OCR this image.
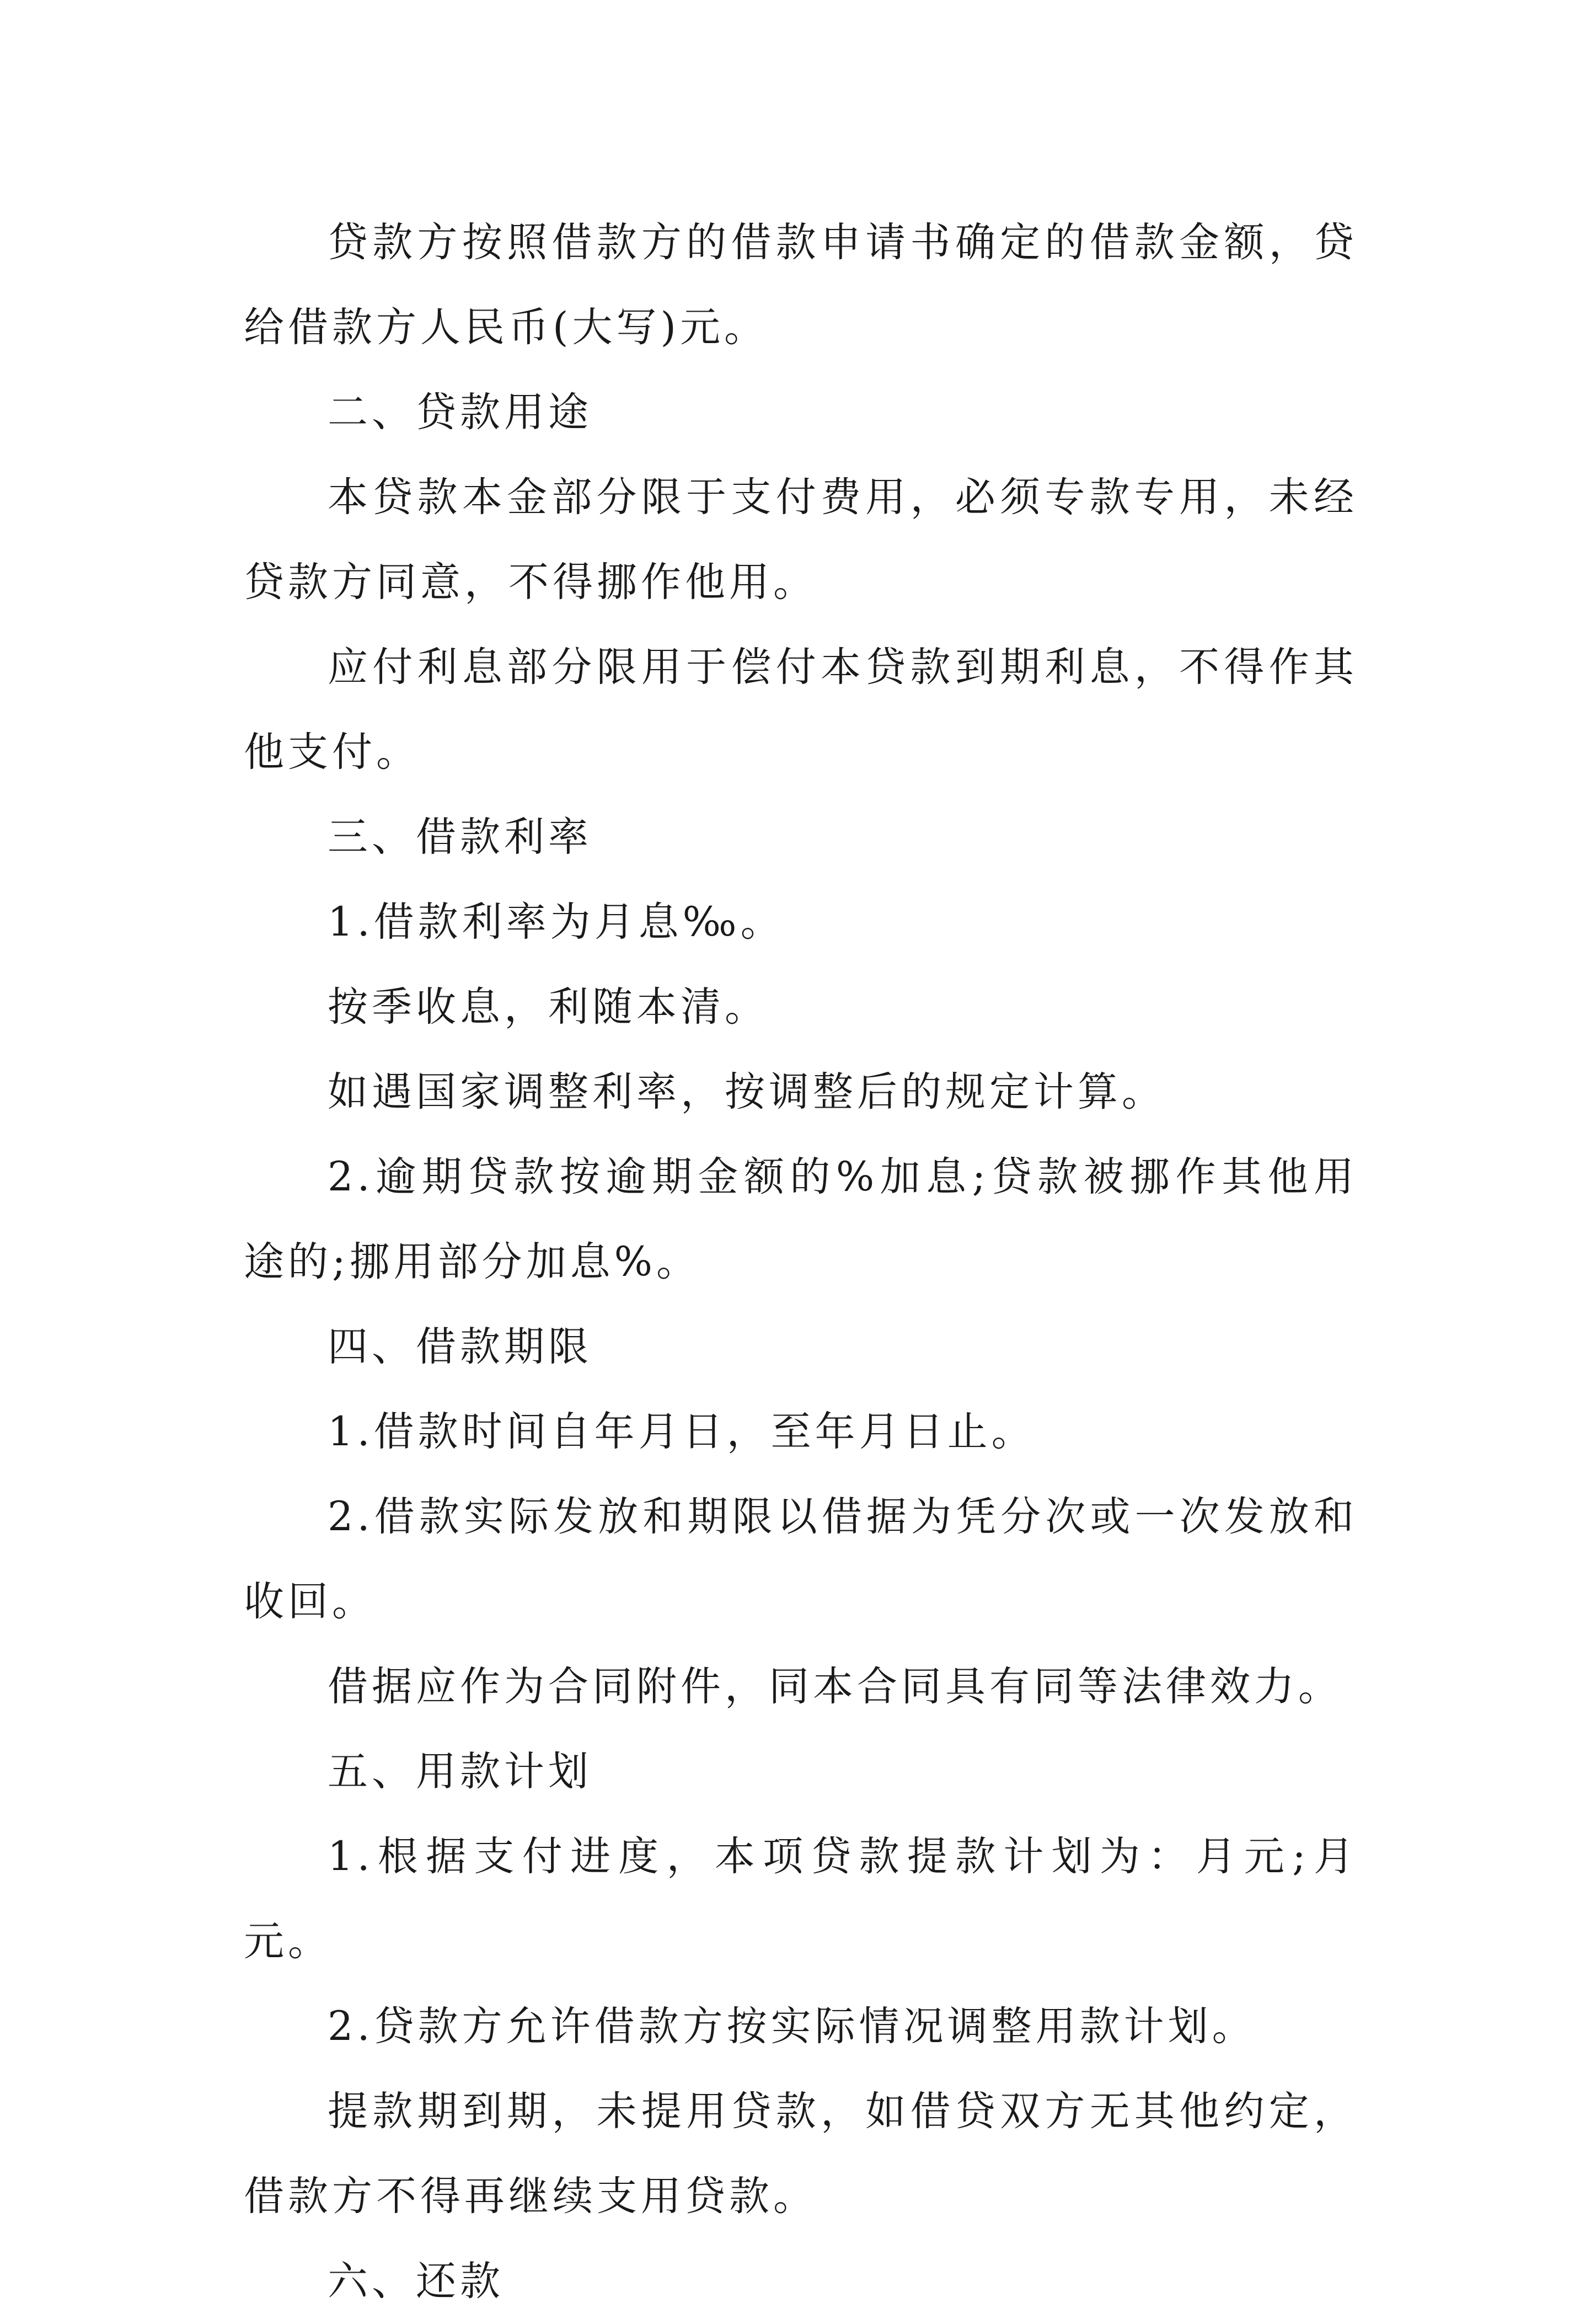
贷款方按照借款方的借款申请书确定的借款金额，贷给借款方人民币(大写)元。

二、贷款用途

本贷款本金部分限于支付费用，必须专款专用，未经贷款方同意，不得挪作他用。

应付利息部分限用于偿付本贷款到期利息，不得作其他支付。

三、借款利率

1.借款利率为月息‰。

按季收息，利随本清。

如遇国家调整利率，按调整后的规定计算。

2.逾期贷款按逾期金额的%加息;贷款被挪作其他用途的;挪用部分加息%。

四、借款期限

1.借款时间自年月日，至年月日止。

2.借款实际发放和期限以借据为凭分次或一次发放和收回。

借据应作为合同附件，同本合同具有同等法律效力。

五、用款计划

1.根据支付进度，本项贷款提款计划为：月元;月元。

2.贷款方允许借款方按实际情况调整用款计划。

提款期到期，未提用贷款，如借贷双方无其他约定，借款方不得再继续支用贷款。

六、还款
